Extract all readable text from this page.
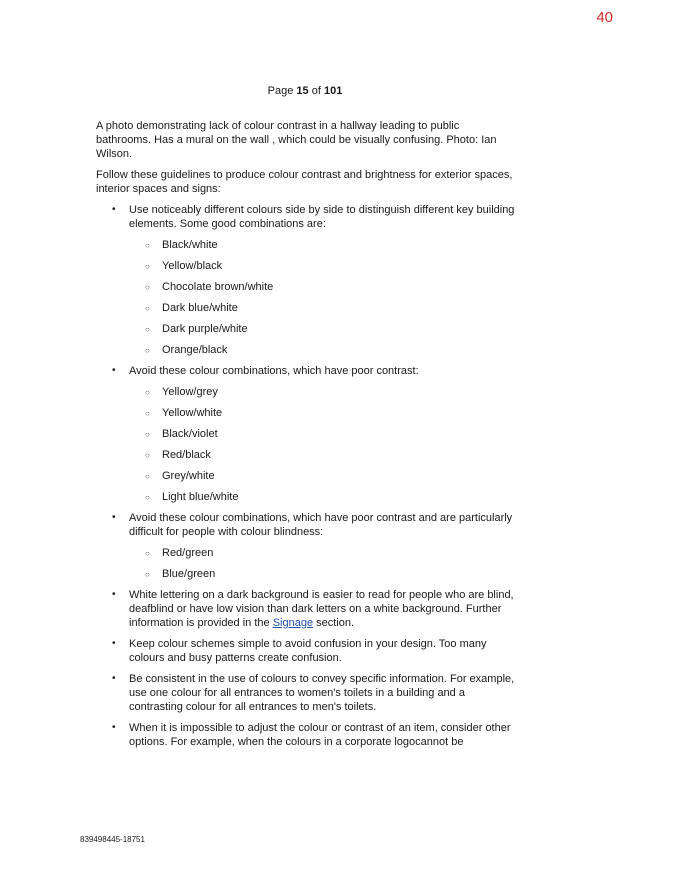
40
Page 15 of 101

A photo demonstrating lack of colour contrast in a hallway leading to public bathrooms. Has a mural on the wall , which could be visually confusing. Photo: Ian Wilson.

Follow these guidelines to produce colour contrast and brightness for exterior spaces, interior spaces and signs:

• Use noticeably different colours side by side to distinguish different key building elements. Some good combinations are:
○ Black/white
○ Yellow/black
○ Chocolate brown/white
○ Dark blue/white
○ Dark purple/white
○ Orange/black
• Avoid these colour combinations, which have poor contrast:
○ Yellow/grey
○ Yellow/white
○ Black/violet
○ Red/black
○ Grey/white
○ Light blue/white
• Avoid these colour combinations, which have poor contrast and are particularly difficult for people with colour blindness:
○ Red/green
○ Blue/green
• White lettering on a dark background is easier to read for people who are blind, deafblind or have low vision than dark letters on a white background. Further information is provided in the Signage section.
• Keep colour schemes simple to avoid confusion in your design. Too many colours and busy patterns create confusion.
• Be consistent in the use of colours to convey specific information. For example, use one colour for all entrances to women's toilets in a building and a contrasting colour for all entrances to men's toilets.
• When it is impossible to adjust the colour or contrast of an item, consider other options. For example, when the colours in a corporate logocannot be
839498445-18751
